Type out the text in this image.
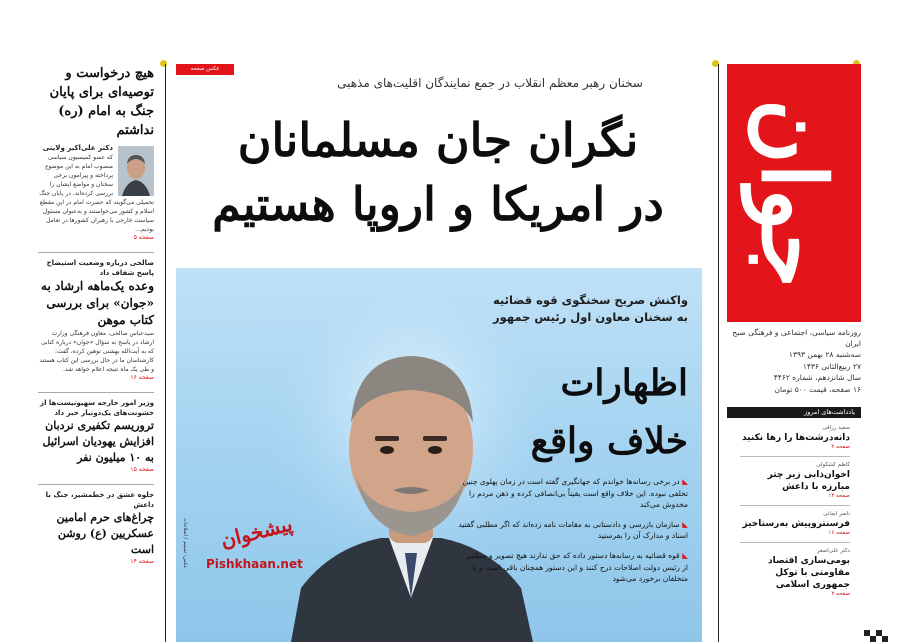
جوان
روزنامه سیاسی، اجتماعی و فرهنگی صبح ایران
سه‌شنبه ۲۸ بهمن ۱۳۹۳
۲۷ ربیع‌الثانی ۱۴۳۶
سال شانزدهم، شماره ۴۴۶۲
۱۶ صفحه، قیمت ۵۰۰ تومان
یادداشت‌های امروز
سعید رزاقی
دانه‌درشت‌ها را رها نکنید
صفحه ۲
کاظم کشکولی
اخوان‌ذابی زیر چتر مبارزه با داعش
صفحه ۱۴
ناصر ایمانی
فرسنتروپیش به‌رستاخیز
صفحه ۱۶
دکتر علی‌اصغر
بومی‌سازی اقتصاد مقاومتی با توکل جمهوری اسلامی
صفحه ۲
عکس صفحه
سخنان رهبر معظم انقلاب در جمع نمایندگان اقلیت‌های مذهبی
نگران جان مسلمانان
در امریکا و اروپا هستیم
عکس: تسنیم / اصلاحات
واکنش صریح سخنگوی قوه قضائیه
به سخنان معاون اول رئیس جمهور
اظهارات
خلاف واقع
◣ در برخی رسانه‌ها خواندم که جهانگیری گفته است در زمان پهلوی چنین تخلفی نبوده. این خلاف واقع است یقیناً بی‌انصافی کرده و ذهن مردم را مخدوش می‌کند
◣ سازمان بازرسی و دادستانی به مقامات نامه زده‌اند که اگر مطلبی گفتید اسناد و مدارک آن را بفرستید
◣ قوه قضائیه به رسانه‌ها دستور داده که حق ندارند هیچ تصویر و مطلبی از رئیس دولت اصلاحات درج کنند و این دستور همچنان باقی است و با متخلفان برخورد می‌شود
پیشخوان
Pishkhaan.net
هیچ درخواست و توصیه‌ای برای پایان جنگ به امام (ره) نداشتم
دکتر علی‌اکبر ولایتی
که عضو کمیسیون سیاسی منصوب امام به این موضوع پرداخته و پیرامون برخی سخنان و مواضع ایشان را بررسی کرده‌اند. در پایان جنگ تحمیلی می‌گویند که حضرت امام در این مقطع اسلام و کشور می‌خواستند و به‌عنوان مسئول سیاست خارجی با رهبران کشورها در تعامل بودیم...
صفحه ۵
صالحی درباره وضعیت استیضاح پاسخ شفاف داد
وعده یک‌ماهه ارشاد به «جوان» برای بررسی کتاب موهن
سیدعباس صالحی، معاون فرهنگی وزارت ارشاد در پاسخ به سؤال «جوان» درباره کتابی که به آیت‌الله بهشتی توهین کرده، گفت: کارشناسان ما در حال بررسی این کتاب هستند و طی یک ماه نتیجه اعلام خواهد شد.
صفحه ۱۶
وزیر امور خارجه سهیونیست‌ها از خشونت‌های یک‌دوتبار خبر داد
تروریسم تکفیری نردبان افزایش یهودیان اسرائیل به ۱۰ میلیون نفر
صفحه ۱۵
جلوه عشق در خطمشیر، جنگ با داعش
چراغ‌های حرم امامین عسکریین (ع) روشن است
صفحه ۱۴
